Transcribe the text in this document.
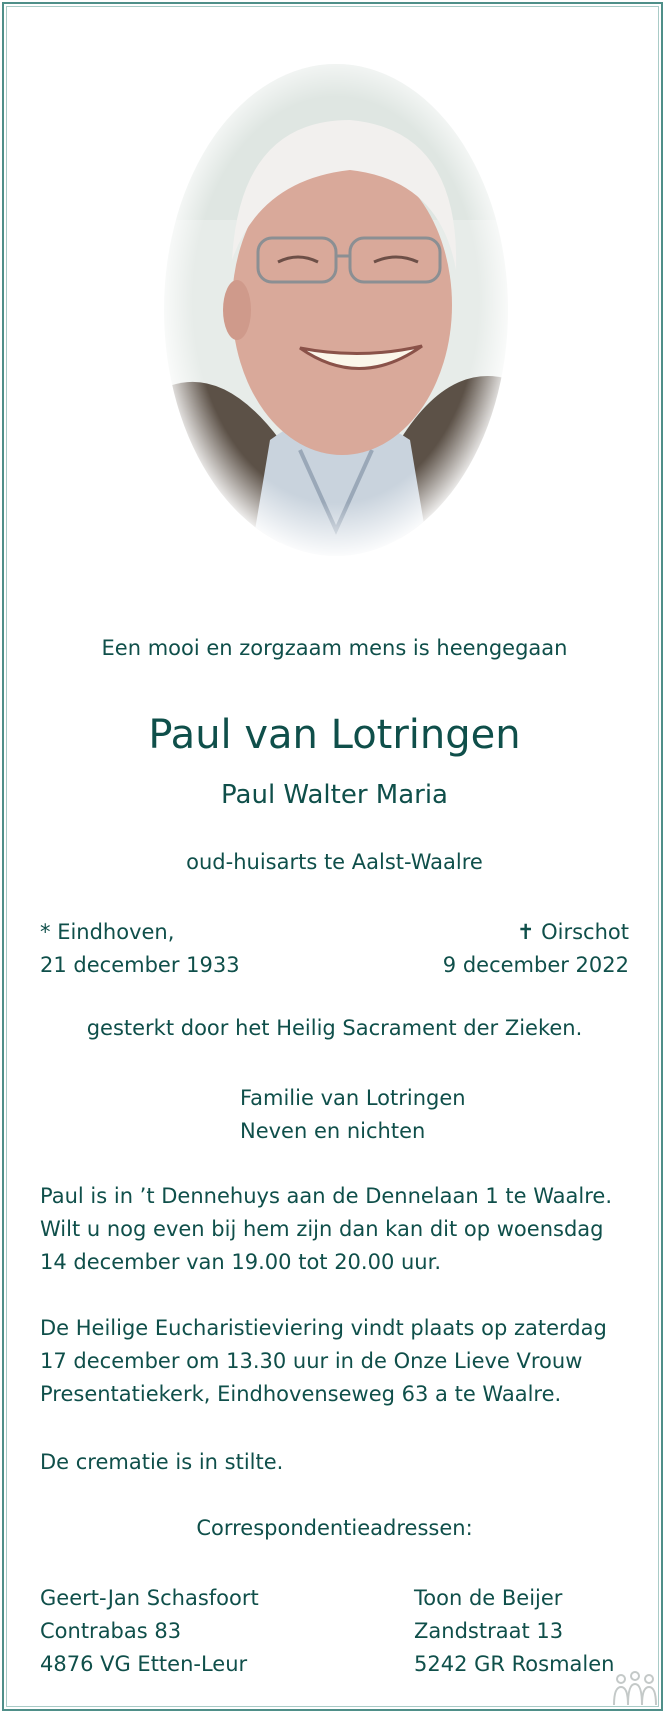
Een mooi en zorgzaam mens is heengegaan
Paul van Lotringen
Paul Walter Maria
oud-huisarts te Aalst-Waalre
* Eindhoven,
21 december 1933
✝ Oirschot
9 december 2022
gesterkt door het Heilig Sacrament der Zieken.
Familie van Lotringen
Neven en nichten
Paul is in ’t Dennehuys aan de Dennelaan 1 te Waalre.
Wilt u nog even bij hem zijn dan kan dit op woensdag
14 december van 19.00 tot 20.00 uur.
De Heilige Eucharistieviering vindt plaats op zaterdag
17 december om 13.30 uur in de Onze Lieve Vrouw
Presentatiekerk, Eindhovenseweg 63 a te Waalre.
De crematie is in stilte.
Correspondentieadressen:
Geert-Jan Schasfoort
Contrabas 83
4876 VG Etten-Leur
Toon de Beijer
Zandstraat 13
5242 GR Rosmalen
